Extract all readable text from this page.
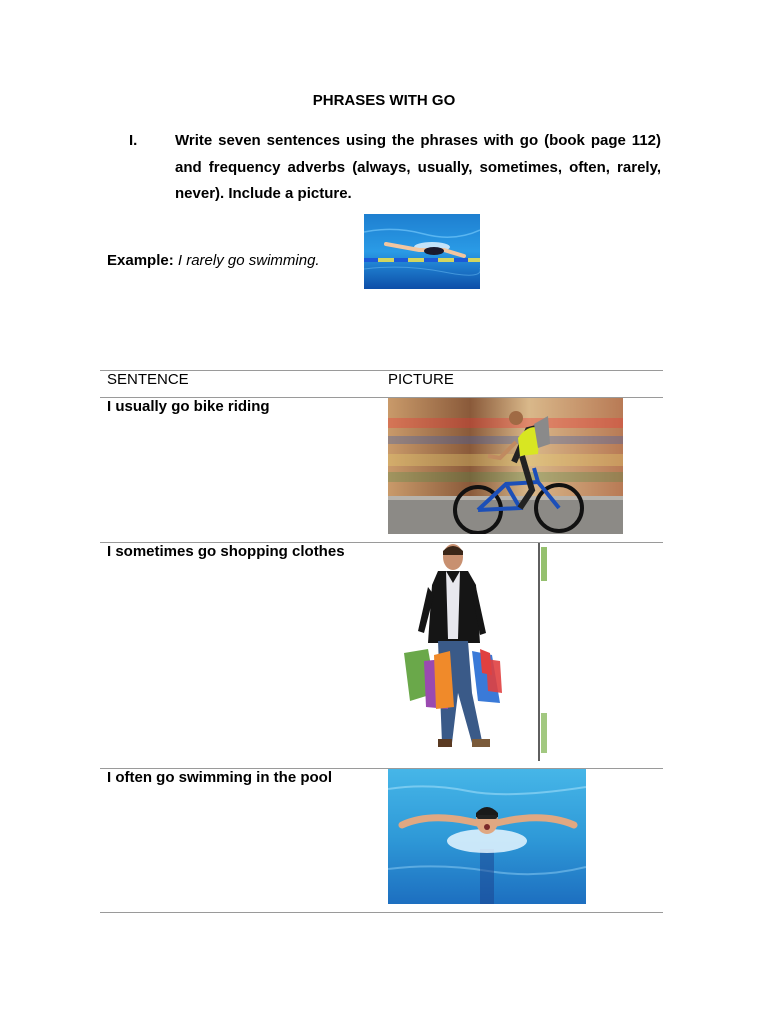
PHRASES WITH GO
I.	Write seven sentences using the phrases with go (book page 112) and frequency adverbs (always, usually, sometimes, often, rarely, never). Include a picture.
Example: I rarely go swimming.
SENTENCE	PICTURE
I usually go bike riding
I sometimes go shopping clothes
I often go swimming in the pool
